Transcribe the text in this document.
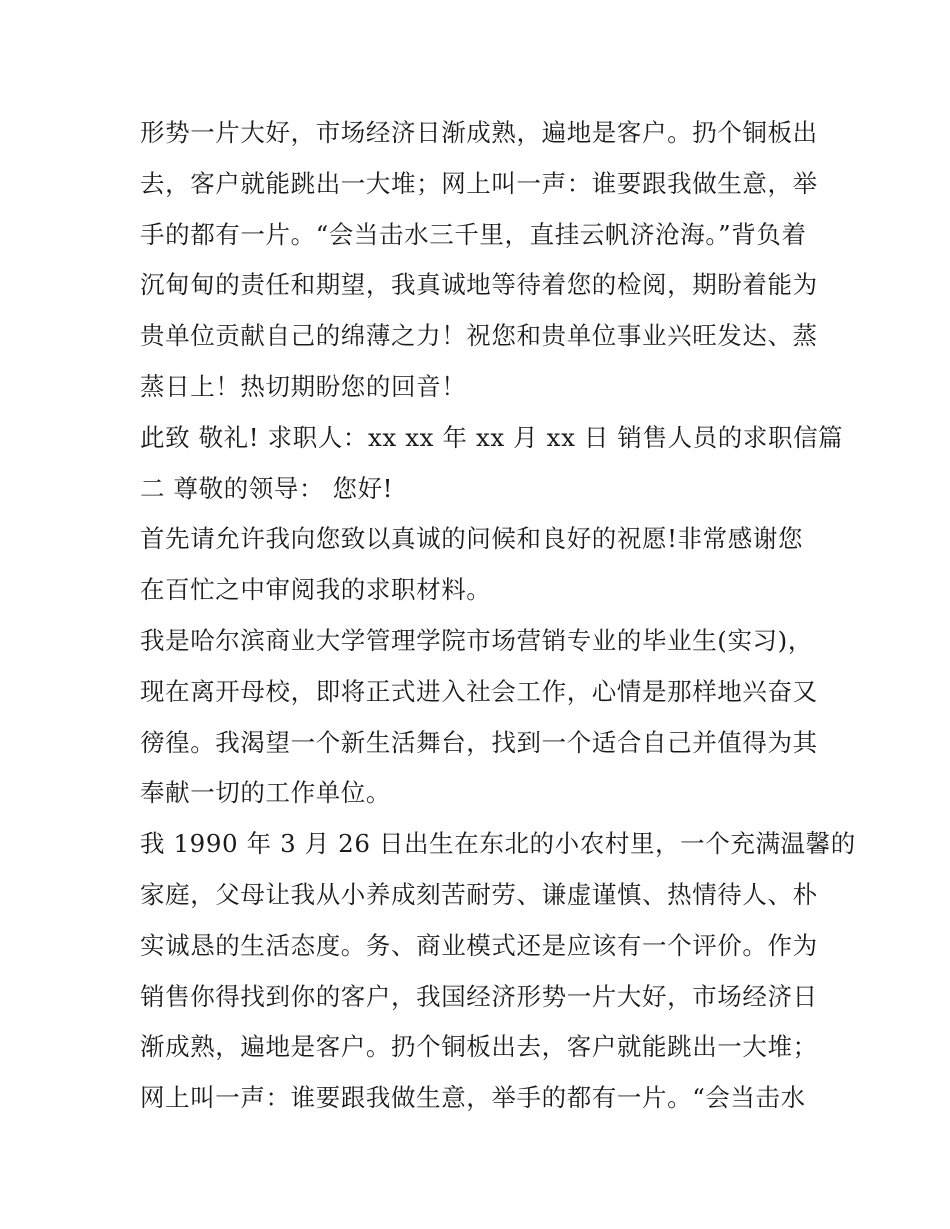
形势一片大好，市场经济日渐成熟，遍地是客户。扔个铜板出
去，客户就能跳出一大堆；网上叫一声：谁要跟我做生意，举
手的都有一片。“会当击水三千里，直挂云帆济沧海。”背负着
沉甸甸的责任和期望，我真诚地等待着您的检阅，期盼着能为
贵单位贡献自己的绵薄之力！祝您和贵单位事业兴旺发达、蒸
蒸日上！热切期盼您的回音！
此致 敬礼! 求职人：xx xx 年 xx 月 xx 日 销售人员的求职信篇
二 尊敬的领导： 您好!
首先请允许我向您致以真诚的问候和良好的祝愿!非常感谢您
在百忙之中审阅我的求职材料。
我是哈尔滨商业大学管理学院市场营销专业的毕业生(实习)，
现在离开母校，即将正式进入社会工作，心情是那样地兴奋又
徬徨。我渴望一个新生活舞台，找到一个适合自己并值得为其
奉献一切的工作单位。
我 1990 年 3 月 26 日出生在东北的小农村里，一个充满温馨的
家庭，父母让我从小养成刻苦耐劳、谦虚谨慎、热情待人、朴
实诚恳的生活态度。务、商业模式还是应该有一个评价。作为
销售你得找到你的客户，我国经济形势一片大好，市场经济日
渐成熟，遍地是客户。扔个铜板出去，客户就能跳出一大堆；
网上叫一声：谁要跟我做生意，举手的都有一片。“会当击水
